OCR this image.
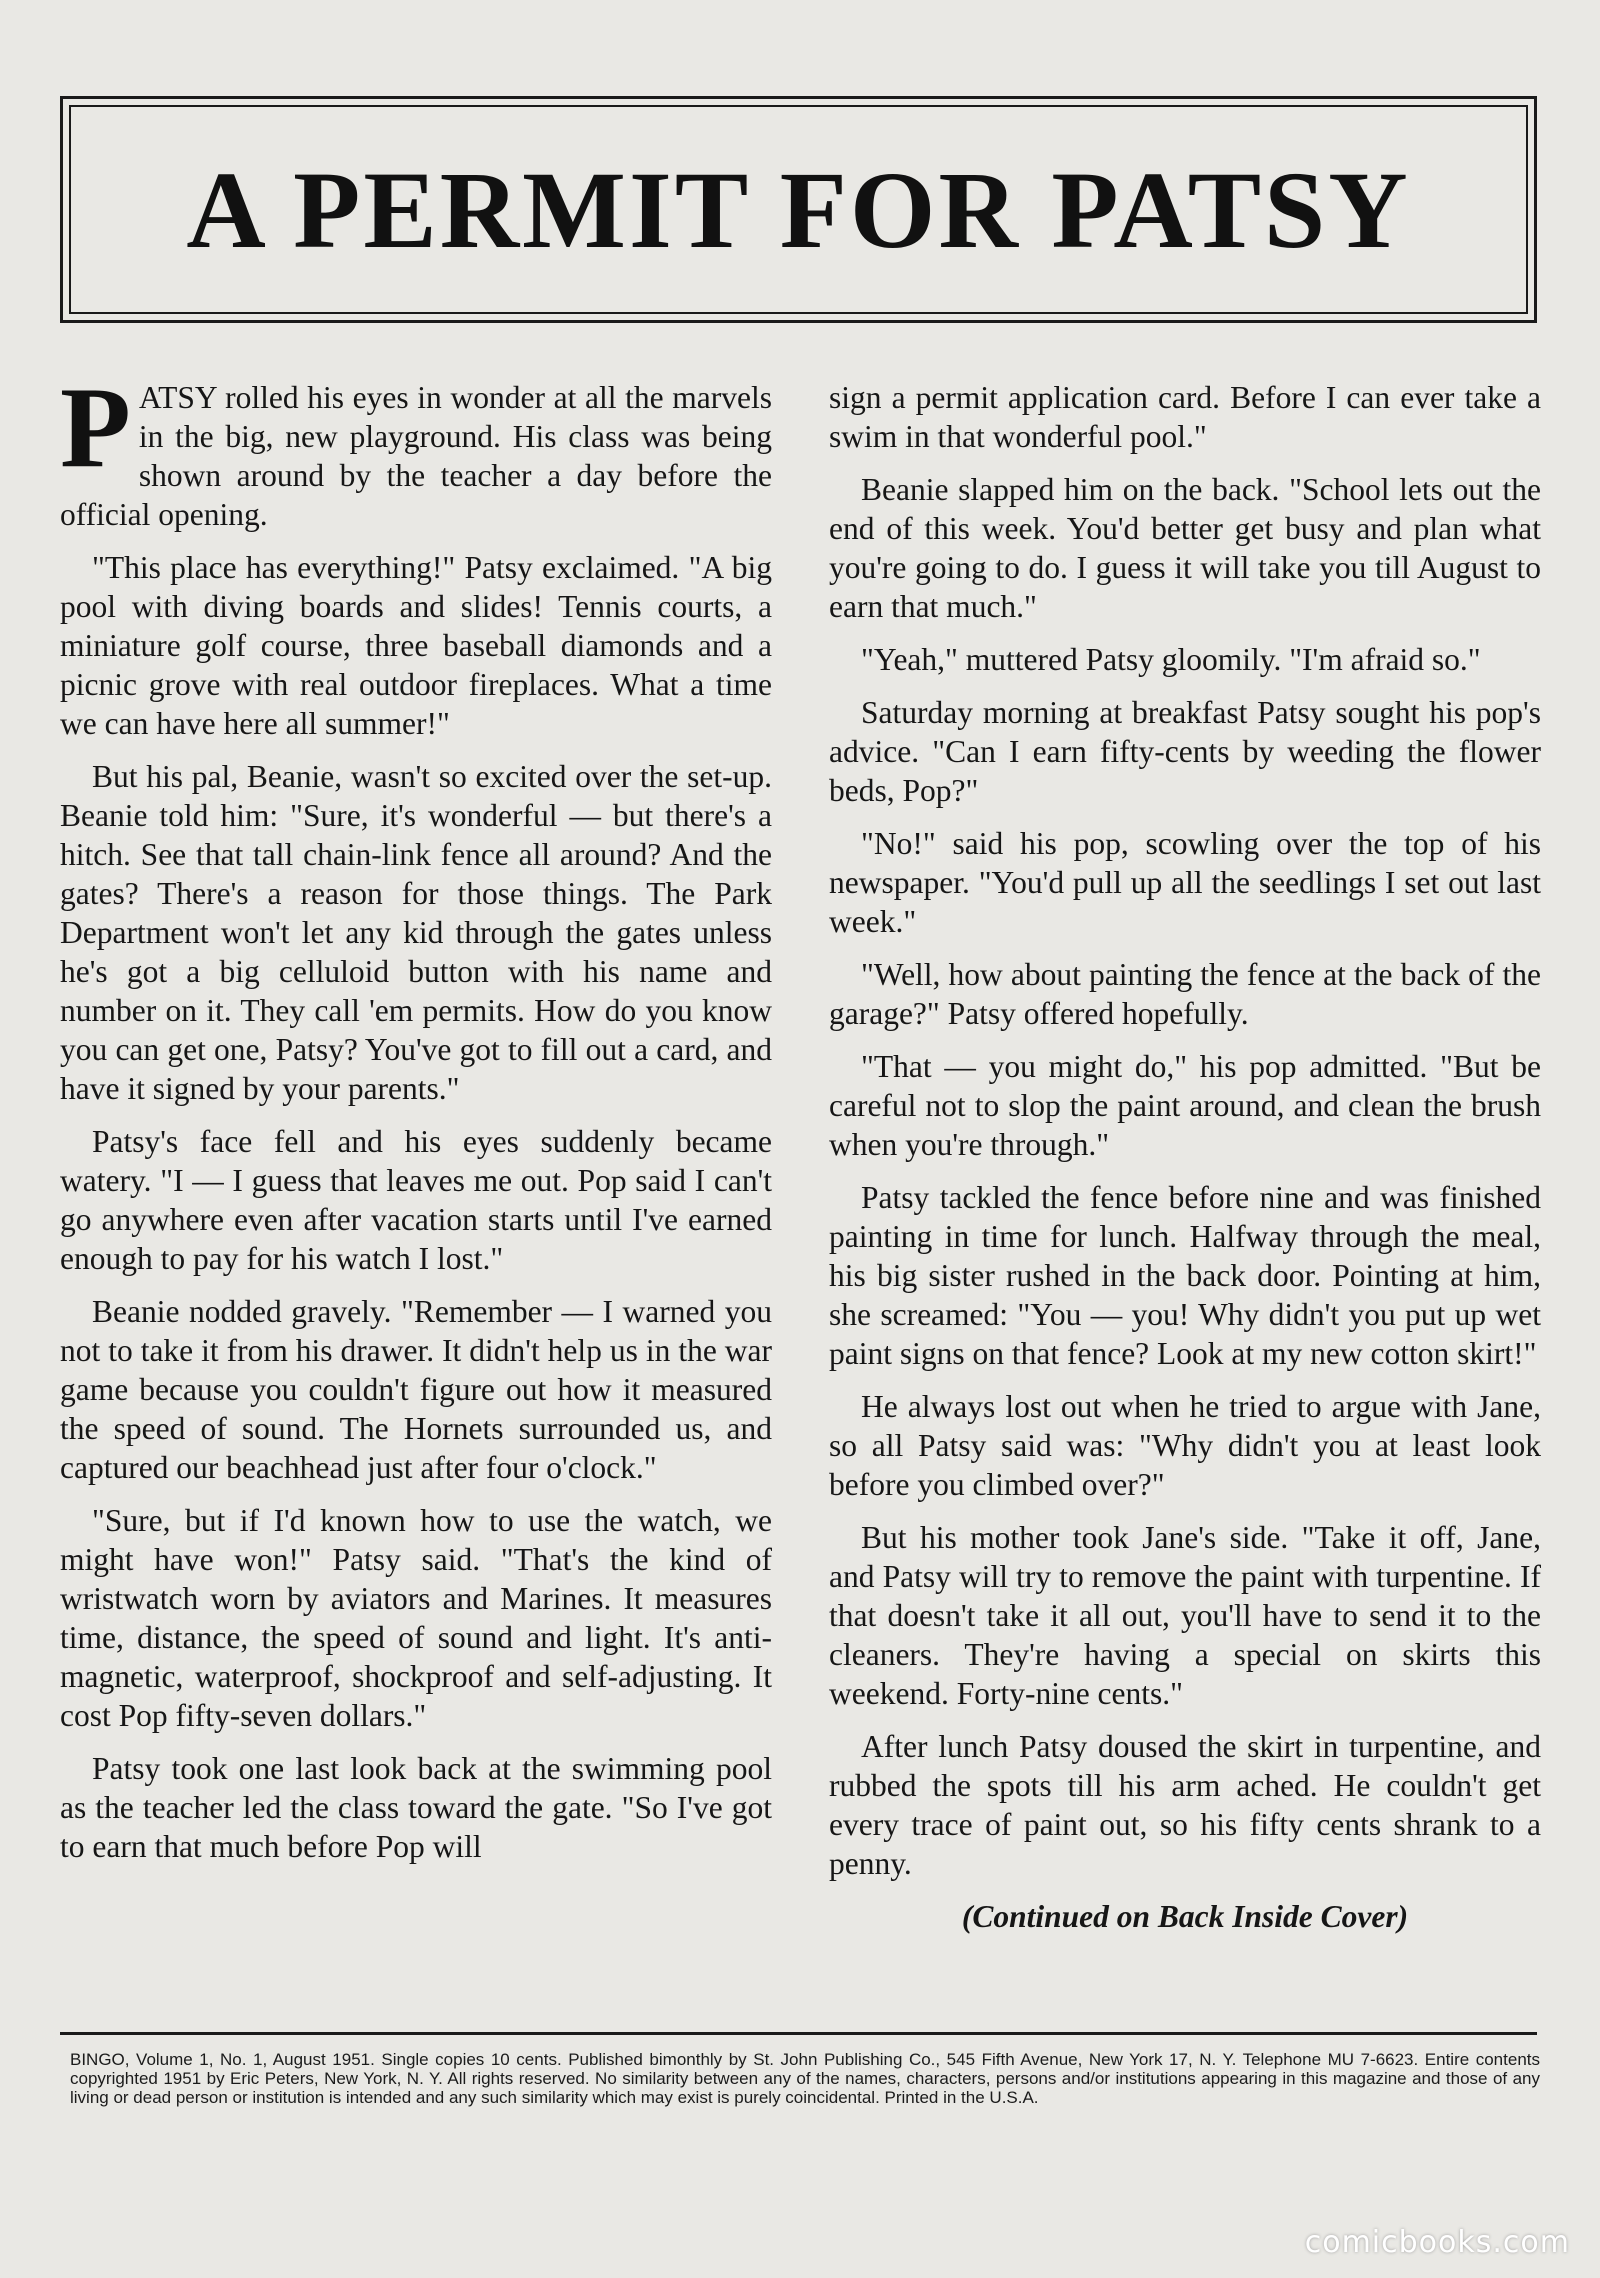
A PERMIT FOR PATSY

PATSY rolled his eyes in wonder at all the marvels in the big, new playground. His class was being shown around by the teacher a day before the official opening.

"This place has everything!" Patsy exclaimed. "A big pool with diving boards and slides! Tennis courts, a miniature golf course, three baseball diamonds and a picnic grove with real outdoor fireplaces. What a time we can have here all summer!"

But his pal, Beanie, wasn't so excited over the set-up. Beanie told him: "Sure, it's wonderful — but there's a hitch. See that tall chain-link fence all around? And the gates? There's a reason for those things. The Park Department won't let any kid through the gates unless he's got a big celluloid button with his name and number on it. They call 'em permits. How do you know you can get one, Patsy? You've got to fill out a card, and have it signed by your parents."

Patsy's face fell and his eyes suddenly became watery. "I — I guess that leaves me out. Pop said I can't go anywhere even after vacation starts until I've earned enough to pay for his watch I lost."

Beanie nodded gravely. "Remember — I warned you not to take it from his drawer. It didn't help us in the war game because you couldn't figure out how it measured the speed of sound. The Hornets surrounded us, and captured our beachhead just after four o'clock."

"Sure, but if I'd known how to use the watch, we might have won!" Patsy said. "That's the kind of wristwatch worn by aviators and Marines. It measures time, distance, the speed of sound and light. It's anti-magnetic, waterproof, shockproof and self-adjusting. It cost Pop fifty-seven dollars."

Patsy took one last look back at the swimming pool as the teacher led the class toward the gate. "So I've got to earn that much before Pop will

sign a permit application card. Before I can ever take a swim in that wonderful pool."

Beanie slapped him on the back. "School lets out the end of this week. You'd better get busy and plan what you're going to do. I guess it will take you till August to earn that much."

"Yeah," muttered Patsy gloomily. "I'm afraid so."

Saturday morning at breakfast Patsy sought his pop's advice. "Can I earn fifty-cents by weeding the flower beds, Pop?"

"No!" said his pop, scowling over the top of his newspaper. "You'd pull up all the seedlings I set out last week."

"Well, how about painting the fence at the back of the garage?" Patsy offered hopefully.

"That — you might do," his pop admitted. "But be careful not to slop the paint around, and clean the brush when you're through."

Patsy tackled the fence before nine and was finished painting in time for lunch. Halfway through the meal, his big sister rushed in the back door. Pointing at him, she screamed: "You — you! Why didn't you put up wet paint signs on that fence? Look at my new cotton skirt!"

He always lost out when he tried to argue with Jane, so all Patsy said was: "Why didn't you at least look before you climbed over?"

But his mother took Jane's side. "Take it off, Jane, and Patsy will try to remove the paint with turpentine. If that doesn't take it all out, you'll have to send it to the cleaners. They're having a special on skirts this weekend. Forty-nine cents."

After lunch Patsy doused the skirt in turpentine, and rubbed the spots till his arm ached. He couldn't get every trace of paint out, so his fifty cents shrank to a penny.

(Continued on Back Inside Cover)

BINGO, Volume 1, No. 1, August 1951. Single copies 10 cents. Published bimonthly by St. John Publishing Co., 545 Fifth Avenue, New York 17, N. Y. Telephone MU 7-6623. Entire contents copyrighted 1951 by Eric Peters, New York, N. Y. All rights reserved. No similarity between any of the names, characters, persons and/or institutions appearing in this magazine and those of any living or dead person or institution is intended and any such similarity which may exist is purely coincidental. Printed in the U.S.A.
comicbooks.com
